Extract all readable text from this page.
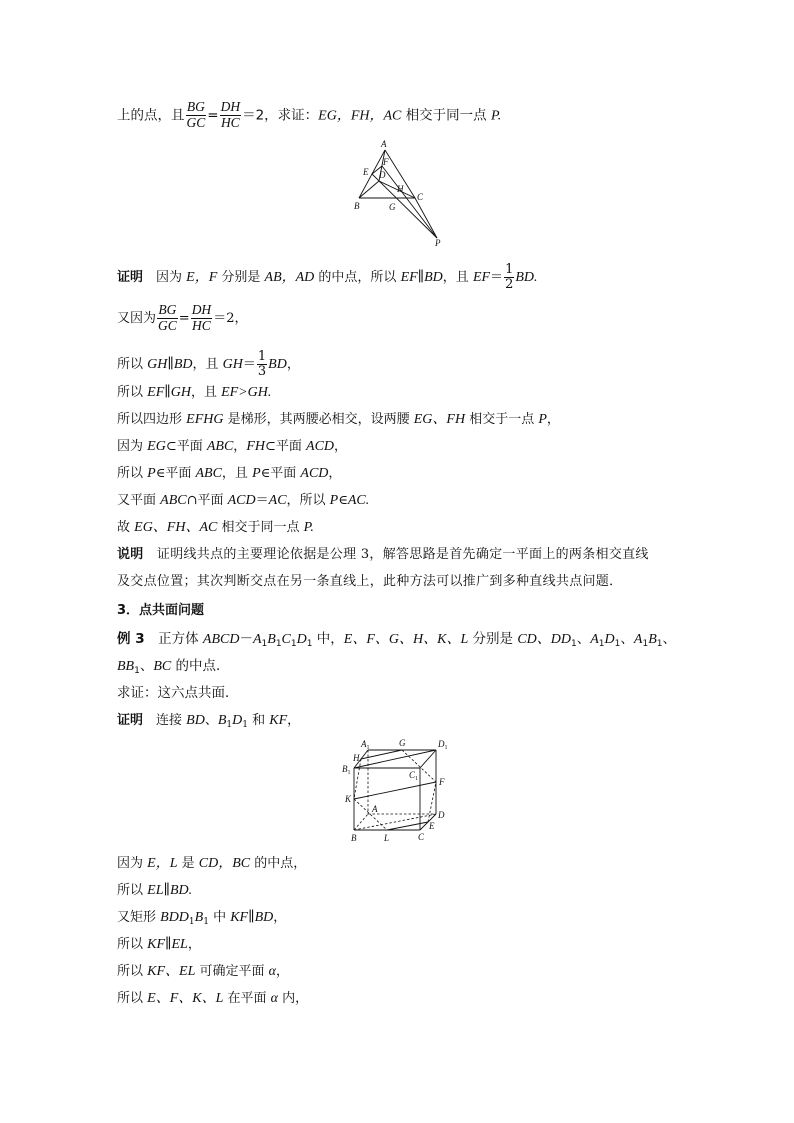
上的点，且 $\frac{BG}{GC} = \frac{DH}{HC} =2$，求证：EG，FH，AC 相交于同一点 P.
A
F
E D
H
C
B	G
P
证明　因为 E，F 分别是 AB，AD 的中点，所以 EF∥BD，且 $EF= \frac{1}{2}$ BD.
又因为 $\frac{BG}{GC} = \frac{DH}{HC} =2$，
所以 GH∥BD，且 $GH= \frac{1}{3}$ BD，
所以 EF∥GH，且 EF>GH.
所以四边形 EFHG 是梯形，其两腰必相交，设两腰 EG、FH 相交于一点 P，
因为 EG⊂平面 ABC，FH⊂平面 ACD，
所以 P∈平面 ABC，且 P∈平面 ACD，
又平面 ABC∩平面 ACD＝AC，所以 P∈AC.
故 EG、FH、AC 相交于同一点 P.
说明　证明线共点的主要理论依据是公理 3，解答思路是首先确定一平面上的两条相交直线
及交点位置；其次判断交点在另一条直线上，此种方法可以推广到多种直线共点问题．
3．点共面问题
例 3　正方体 $ABCD-A_1B_1C_1D_1$ 中，E、F、G、H、K、L 分别是 CD、$DD_1$、$A_1D_1$、$A_1B_1$、
$BB_1$、BC 的中点．
求证：这六点共面．
证明　连接 BD、$B_1D_1$ 和 KF，
$A_1$	G	$D_1$
H
$B_1$	$C_1$ F
K
A
D
E
B	L	C
因为 E，L 是 CD，BC 的中点，
所以 EL∥BD.
又矩形 $BDD_1B_1$ 中 KF∥BD，
所以 KF∥EL，
所以 KF、EL 可确定平面 α，
所以 E、F、K、L 在平面 α 内，
